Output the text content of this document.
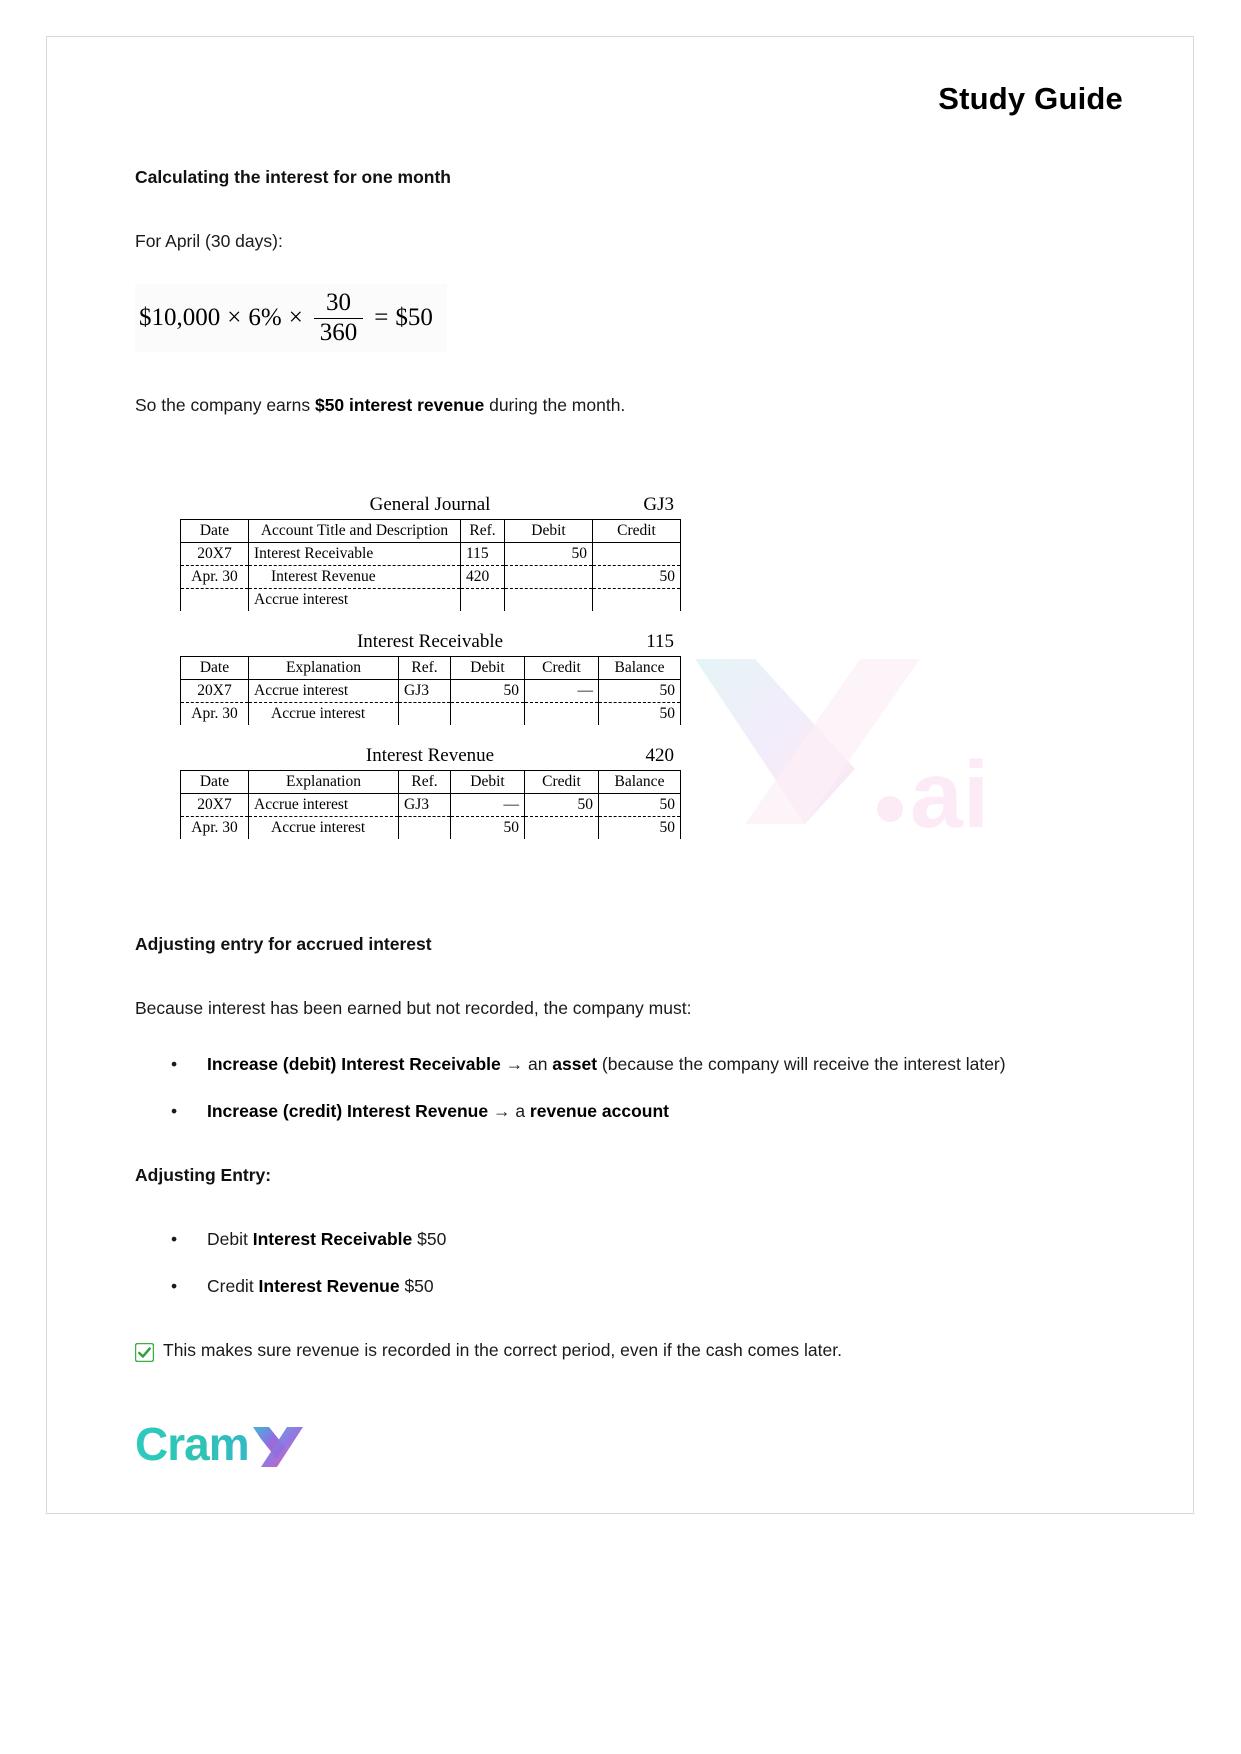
Study Guide
Calculating the interest for one month

For April (30 days):

$10,000 × $6\% \times \frac{30}{360}$ = $50

So the company earns $50 interest revenue during the month.

ai
General Journal	GJ3
Date	Account Title and Description	Ref.	Debit	Credit
20X7	Interest Receivable	115	50	
Apr. 30	Interest Revenue	420		50
	Accrue interest			
Interest Receivable	115
Date	Explanation	Ref.	Debit	Credit	Balance
20X7	Accrue interest	GJ3	50	—	50
Apr. 30	Accrue interest				50
Interest Revenue	420
Date	Explanation	Ref.	Debit	Credit	Balance
20X7	Accrue interest	GJ3	—	50	50
Apr. 30	Accrue interest		50		50
Adjusting entry for accrued interest

Because interest has been earned but not recorded, the company must:

• Increase (debit) Interest Receivable → an asset (because the company will receive the interest later)
• Increase (credit) Interest Revenue → a revenue account
Adjusting Entry:
• Debit Interest Receivable $50
• Credit Interest Revenue $50
This makes sure revenue is recorded in the correct period, even if the cash comes later.
Cram
